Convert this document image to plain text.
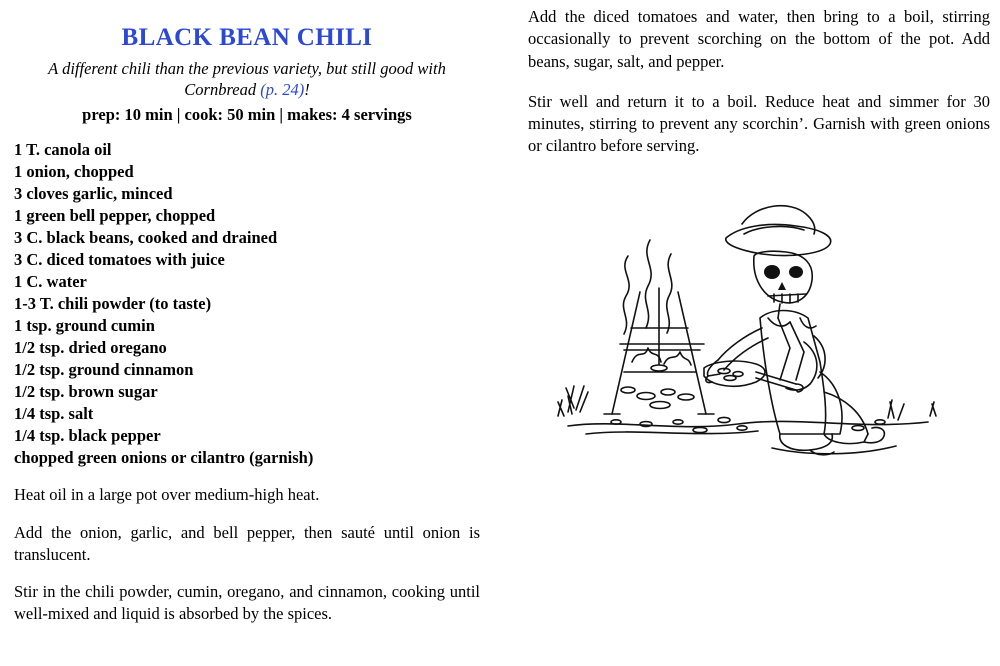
BLACK BEAN CHILI
A different chili than the previous variety, but still good with Cornbread (p. 24)!
prep: 10 min | cook: 50 min | makes: 4 servings
1 T. canola oil
1 onion, chopped
3 cloves garlic, minced
1 green bell pepper, chopped
3 C. black beans, cooked and drained
3 C. diced tomatoes with juice
1 C. water
1-3 T. chili powder (to taste)
1 tsp. ground cumin
1/2 tsp. dried oregano
1/2 tsp. ground cinnamon
1/2 tsp. brown sugar
1/4 tsp. salt
1/4 tsp. black pepper
chopped green onions or cilantro (garnish)

Heat oil in a large pot over medium-high heat.

Add the onion, garlic, and bell pepper, then sauté until onion is translucent.

Stir in the chili powder, cumin, oregano, and cinnamon, cooking until well-mixed and liquid is absorbed by the spices.

Add the diced tomatoes and water, then bring to a boil, stirring occasionally to prevent scorching on the bottom of the pot. Add beans, sugar, salt, and pepper.

Stir well and return it to a boil. Reduce heat and simmer for 30 minutes, stirring to prevent any scorchin’. Garnish with green onions or cilantro before serving.
